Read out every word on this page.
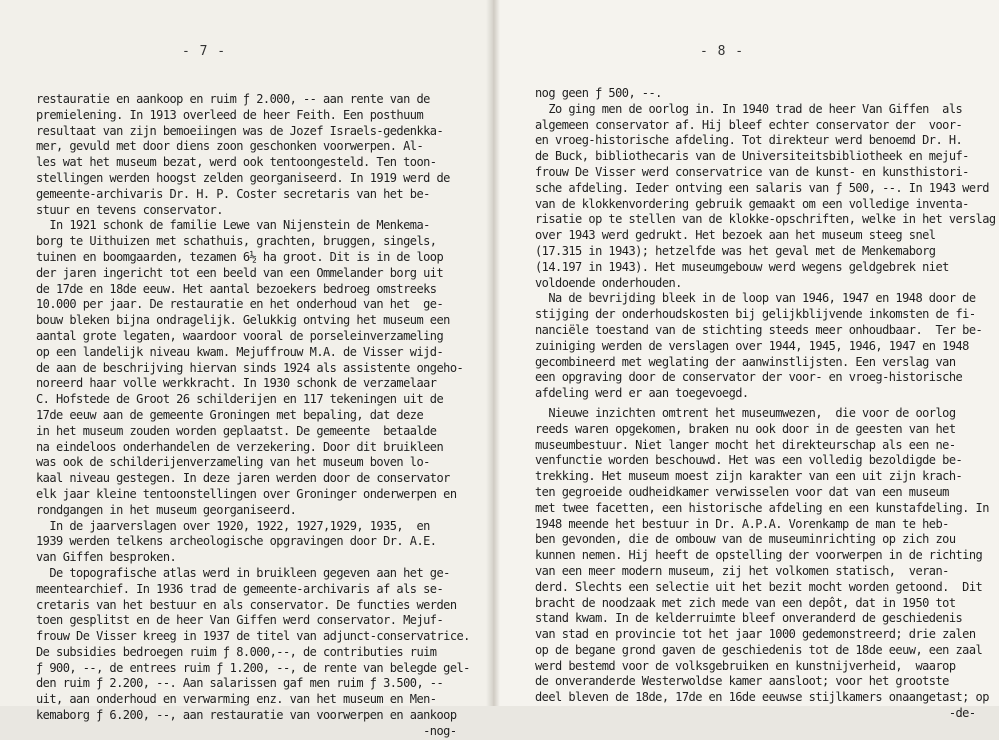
- 7 -
restauratie en aankoop en ruim ƒ 2.000, -- aan rente van de
premielening. In 1913 overleed de heer Feith. Een posthuum
resultaat van zijn bemoeiingen was de Jozef Israels-gedenkka-
mer, gevuld met door diens zoon geschonken voorwerpen. Al-
les wat het museum bezat, werd ook tentoongesteld. Ten toon-
stellingen werden hoogst zelden georganiseerd. In 1919 werd de
gemeente-archivaris Dr. H. P. Coster secretaris van het be-
stuur en tevens conservator.
In 1921 schonk de familie Lewe van Nijenstein de Menkema-
borg te Uithuizen met schathuis, grachten, bruggen, singels,
tuinen en boomgaarden, tezamen 6½ ha groot. Dit is in de loop
der jaren ingericht tot een beeld van een Ommelander borg uit
de 17de en 18de eeuw. Het aantal bezoekers bedroeg omstreeks
10.000 per jaar. De restauratie en het onderhoud van het  ge-
bouw bleken bijna ondragelijk. Gelukkig ontving het museum een
aantal grote legaten, waardoor vooral de porseleinverzameling
op een landelijk niveau kwam. Mejuffrouw M.A. de Visser wijd-
de aan de beschrijving hiervan sinds 1924 als assistente ongeho-
noreerd haar volle werkkracht. In 1930 schonk de verzamelaar
C. Hofstede de Groot 26 schilderijen en 117 tekeningen uit de
17de eeuw aan de gemeente Groningen met bepaling, dat deze
in het museum zouden worden geplaatst. De gemeente  betaalde
na eindeloos onderhandelen de verzekering. Door dit bruikleen
was ook de schilderijenverzameling van het museum boven lo-
kaal niveau gestegen. In deze jaren werden door de conservator
elk jaar kleine tentoonstellingen over Groninger onderwerpen en
rondgangen in het museum georganiseerd.
In de jaarverslagen over 1920, 1922, 1927,1929, 1935,  en
1939 werden telkens archeologische opgravingen door Dr. A.E.
van Giffen besproken.
De topografische atlas werd in bruikleen gegeven aan het ge-
meentearchief. In 1936 trad de gemeente-archivaris af als se-
cretaris van het bestuur en als conservator. De functies werden
toen gesplitst en de heer Van Giffen werd conservator. Mejuf-
frouw De Visser kreeg in 1937 de titel van adjunct-conservatrice.
De subsidies bedroegen ruim ƒ 8.000,--, de contributies ruim
ƒ 900, --, de entrees ruim ƒ 1.200, --, de rente van belegde gel-
den ruim ƒ 2.200, --. Aan salarissen gaf men ruim ƒ 3.500, --
uit, aan onderhoud en verwarming enz. van het museum en Men-
kemaborg ƒ 6.200, --, aan restauratie van voorwerpen en aankoop
-nog-
- 8 -
nog geen ƒ 500, --.
Zo ging men de oorlog in. In 1940 trad de heer Van Giffen  als
algemeen conservator af. Hij bleef echter conservator der  voor-
en vroeg-historische afdeling. Tot direkteur werd benoemd Dr. H.
de Buck, bibliothecaris van de Universiteitsbibliotheek en mejuf-
frouw De Visser werd conservatrice van de kunst- en kunsthistori-
sche afdeling. Ieder ontving een salaris van ƒ 500, --. In 1943 werd
van de klokkenvordering gebruik gemaakt om een volledige inventa-
risatie op te stellen van de klokke-opschriften, welke in het verslag
over 1943 werd gedrukt. Het bezoek aan het museum steeg snel
(17.315 in 1943); hetzelfde was het geval met de Menkemaborg
(14.197 in 1943). Het museumgebouw werd wegens geldgebrek niet
voldoende onderhouden.
Na de bevrijding bleek in de loop van 1946, 1947 en 1948 door de
stijging der onderhoudskosten bij gelijkblijvende inkomsten de fi-
nanciële toestand van de stichting steeds meer onhoudbaar.  Ter be-
zuiniging werden de verslagen over 1944, 1945, 1946, 1947 en 1948
gecombineerd met weglating der aanwinstlijsten. Een verslag van
een opgraving door de conservator der voor- en vroeg-historische
afdeling werd er aan toegevoegd.
Nieuwe inzichten omtrent het museumwezen,  die voor de oorlog
reeds waren opgekomen, braken nu ook door in de geesten van het
museumbestuur. Niet langer mocht het direkteurschap als een ne-
venfunctie worden beschouwd. Het was een volledig bezoldigde be-
trekking. Het museum moest zijn karakter van een uit zijn krach-
ten gegroeide oudheidkamer verwisselen voor dat van een museum
met twee facetten, een historische afdeling en een kunstafdeling. In
1948 meende het bestuur in Dr. A.P.A. Vorenkamp de man te heb-
ben gevonden, die de ombouw van de museuminrichting op zich zou
kunnen nemen. Hij heeft de opstelling der voorwerpen in de richting
van een meer modern museum, zij het volkomen statisch,  veran-
derd. Slechts een selectie uit het bezit mocht worden getoond.  Dit
bracht de noodzaak met zich mede van een depôt, dat in 1950 tot
stand kwam. In de kelderruimte bleef onveranderd de geschiedenis
van stad en provincie tot het jaar 1000 gedemonstreerd; drie zalen
op de begane grond gaven de geschiedenis tot de 18de eeuw, een zaal
werd bestemd voor de volksgebruiken en kunstnijverheid,  waarop
de onveranderde Westerwoldse kamer aansloot; voor het grootste
deel bleven de 18de, 17de en 16de eeuwse stijlkamers onaangetast; op
-de-
